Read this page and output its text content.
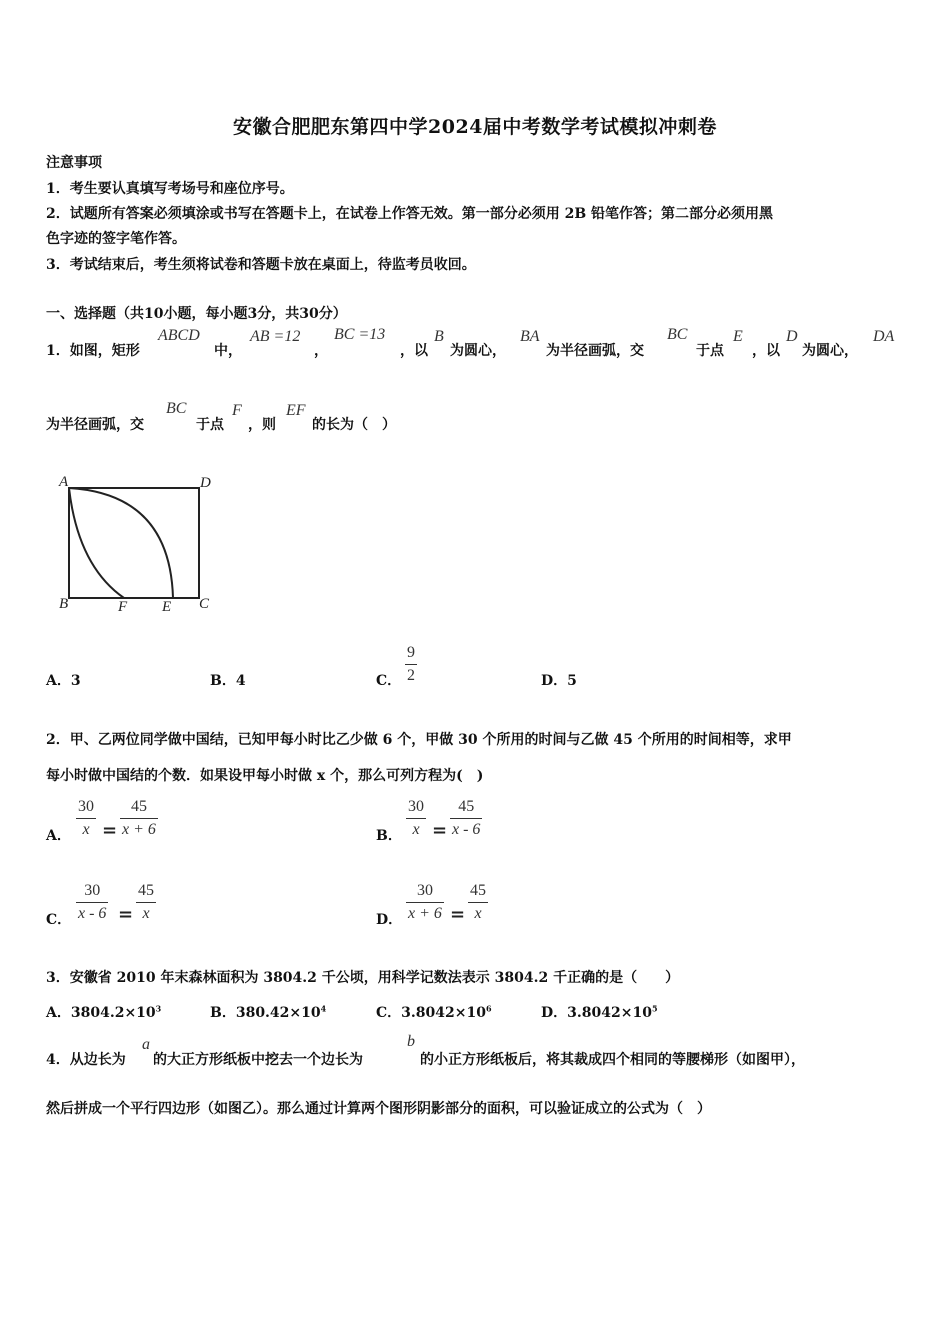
安徽合肥肥东第四中学2024届中考数学考试模拟冲刺卷
注意事项
1．考生要认真填写考场号和座位序号。
2．试题所有答案必须填涂或书写在答题卡上，在试卷上作答无效。第一部分必须用 2B 铅笔作答；第二部分必须用黑
色字迹的签字笔作答。
3．考试结束后，考生须将试卷和答题卡放在桌面上，待监考员收回。
一、选择题（共10小题，每小题3分，共30分）
1．如图，矩形
ABCD
中，
AB =12
，
BC =13
，以
B
为圆心，
BA
为半径画弧，交
BC
于点
E
，以
D
为圆心，
DA
为半径画弧，交
BC
于点
F
，则
EF
的长为（　）
A	D
B	F E C
A．3	B．4	C． $\frac{9}{2}$	D．5
2．甲、乙两位同学做中国结，已知甲每小时比乙少做 6 个，甲做 30 个所用的时间与乙做 45 个所用的时间相等，求甲
每小时做中国结的个数．如果设甲每小时做 x 个，那么可列方程为(　)
A． $\frac{30}{x} = \frac{45}{x + 6}$	B． $\frac{30}{x} = \frac{45}{x - 6}$
C． $\frac{30}{x - 6} = \frac{45}{x}$	D． $\frac{30}{x + 6} = \frac{45}{x}$
3．安徽省 2010 年末森林面积为 3804.2 千公顷，用科学记数法表示 3804.2 千正确的是（　　）
A．$3804.2\times 10^3$	B．$380.42\times 10^4$	C．$3.8042\times 10^6$	D．$3.8042\times 10^5$
4．从边长为
a
的大正方形纸板中挖去一个边长为
b
的小正方形纸板后，将其裁成四个相同的等腰梯形（如图甲），
然后拼成一个平行四边形（如图乙）。那么通过计算两个图形阴影部分的面积，可以验证成立的公式为（　）
